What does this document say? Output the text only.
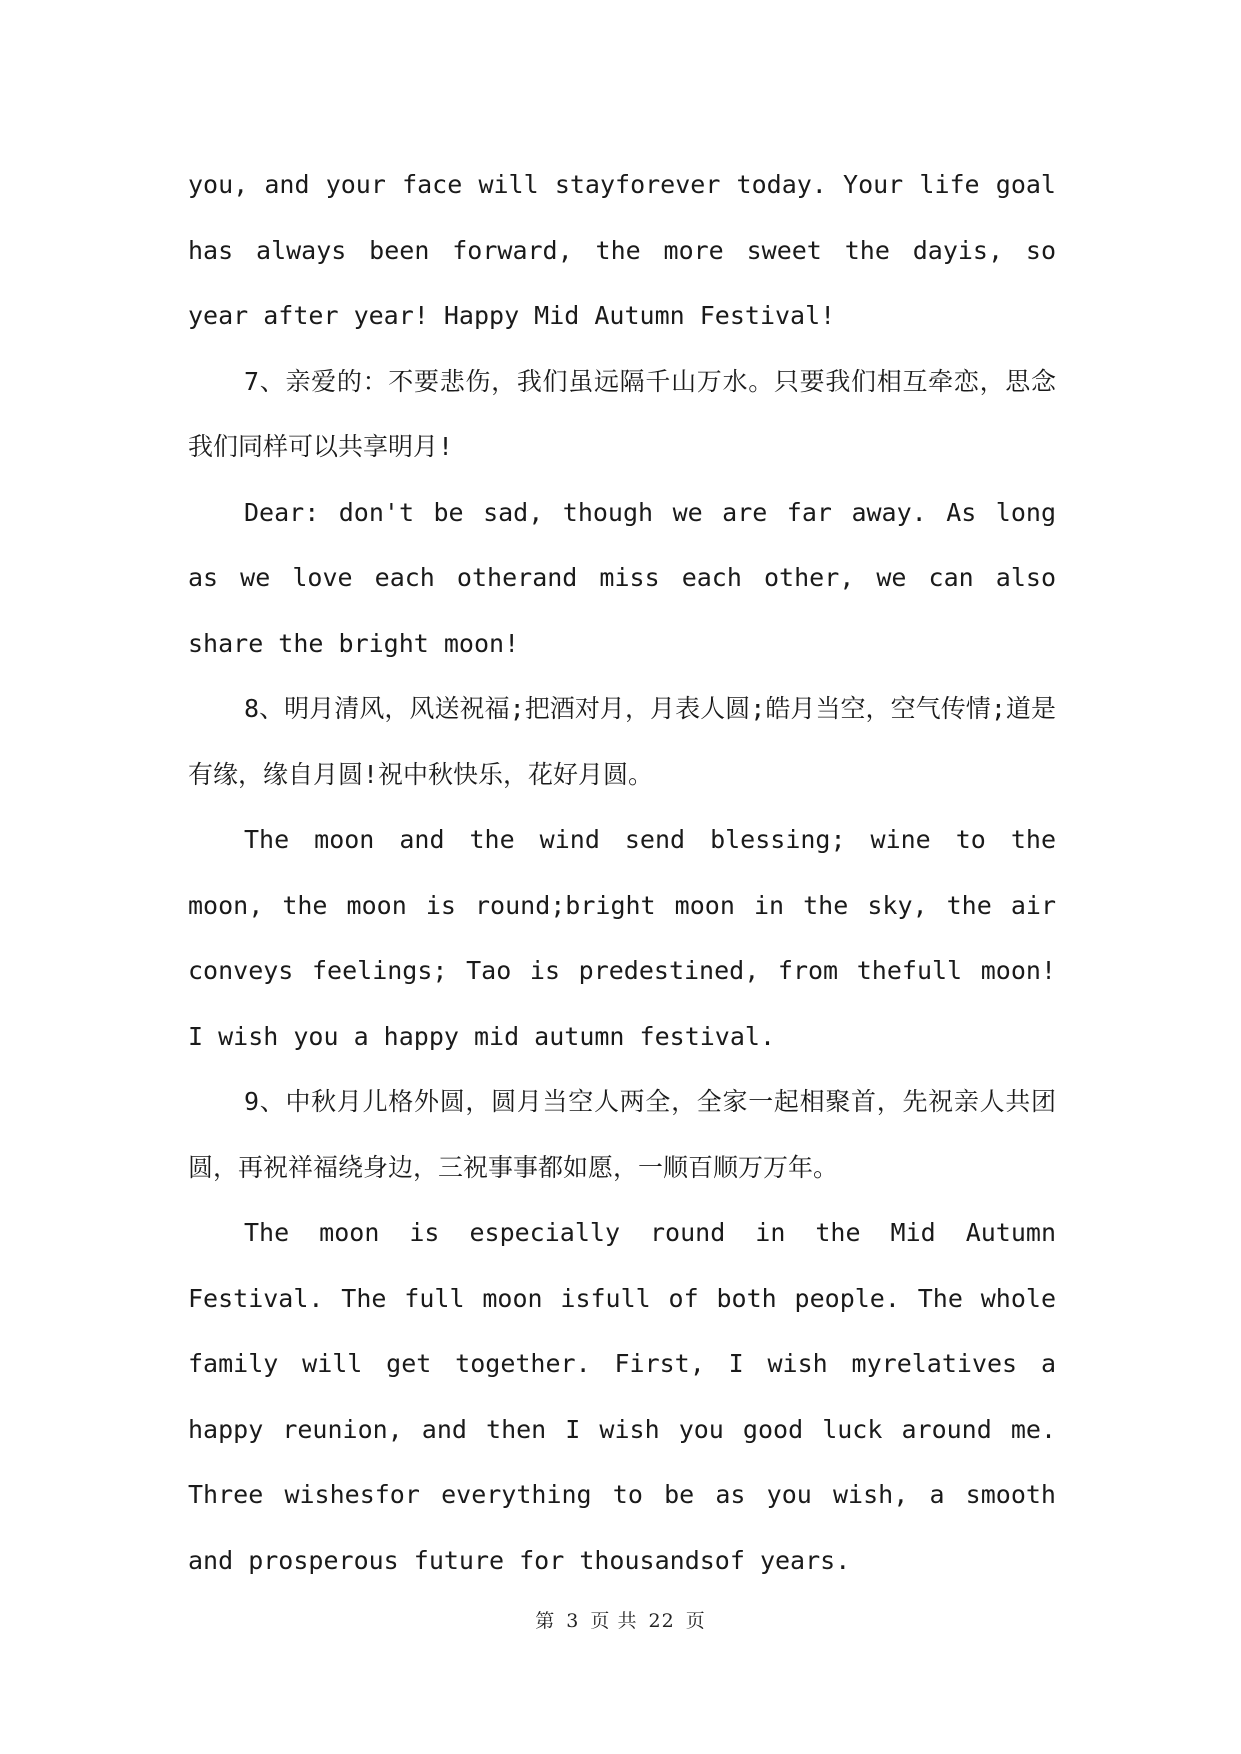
you, and your face will stayforever today. Your life goal has always been forward, the more sweet the dayis, so year after year! Happy Mid Autumn Festival!

7、亲爱的：不要悲伤，我们虽远隔千山万水。只要我们相互牵恋，思念我们同样可以共享明月!

Dear: don't be sad, though we are far away. As long as we love each otherand miss each other, we can also share the bright moon!

8、明月清风，风送祝福;把酒对月，月表人圆;皓月当空，空气传情;道是有缘，缘自月圆!祝中秋快乐，花好月圆。

The moon and the wind send blessing; wine to the moon, the moon is round;bright moon in the sky, the air conveys feelings; Tao is predestined, from thefull moon! I wish you a happy mid autumn festival.

9、中秋月儿格外圆，圆月当空人两全，全家一起相聚首，先祝亲人共团圆，再祝祥福绕身边，三祝事事都如愿，一顺百顺万万年。

The moon is especially round in the Mid Autumn Festival. The full moon isfull of both people. The whole family will get together. First, I wish myrelatives a happy reunion, and then I wish you good luck around me. Three wishesfor everything to be as you wish, a smooth and prosperous future for thousandsof years.

第 3 页 共 22 页
